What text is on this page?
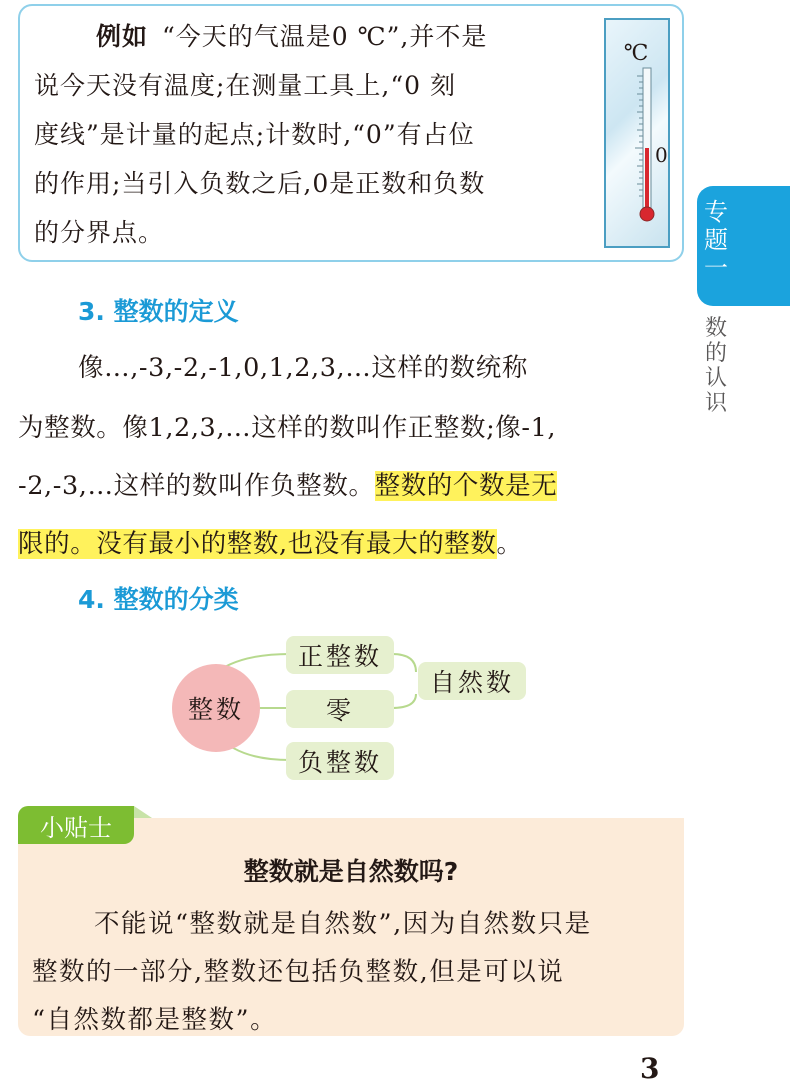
例如 “今天的气温是0 ℃”,并不是
说今天没有温度;在测量工具上,“0 刻
度线”是计量的起点;计数时,“0”有占位
的作用;当引入负数之后,0是正数和负数
的分界点。
℃
0
专
题
一
数
的
认
识
3. 整数的定义
像…,-3,-2,-1,0,1,2,3,…这样的数统称
为整数。像1,2,3,…这样的数叫作正整数;像-1,
-2,-3,…这样的数叫作负整数。整数的个数是无
限的。没有最小的整数,也没有最大的整数。
4. 整数的分类
整数
正整数
零
负整数
自然数
整数就是自然数吗?
不能说“整数就是自然数”,因为自然数只是
整数的一部分,整数还包括负整数,但是可以说
“自然数都是整数”。
小贴士
3
